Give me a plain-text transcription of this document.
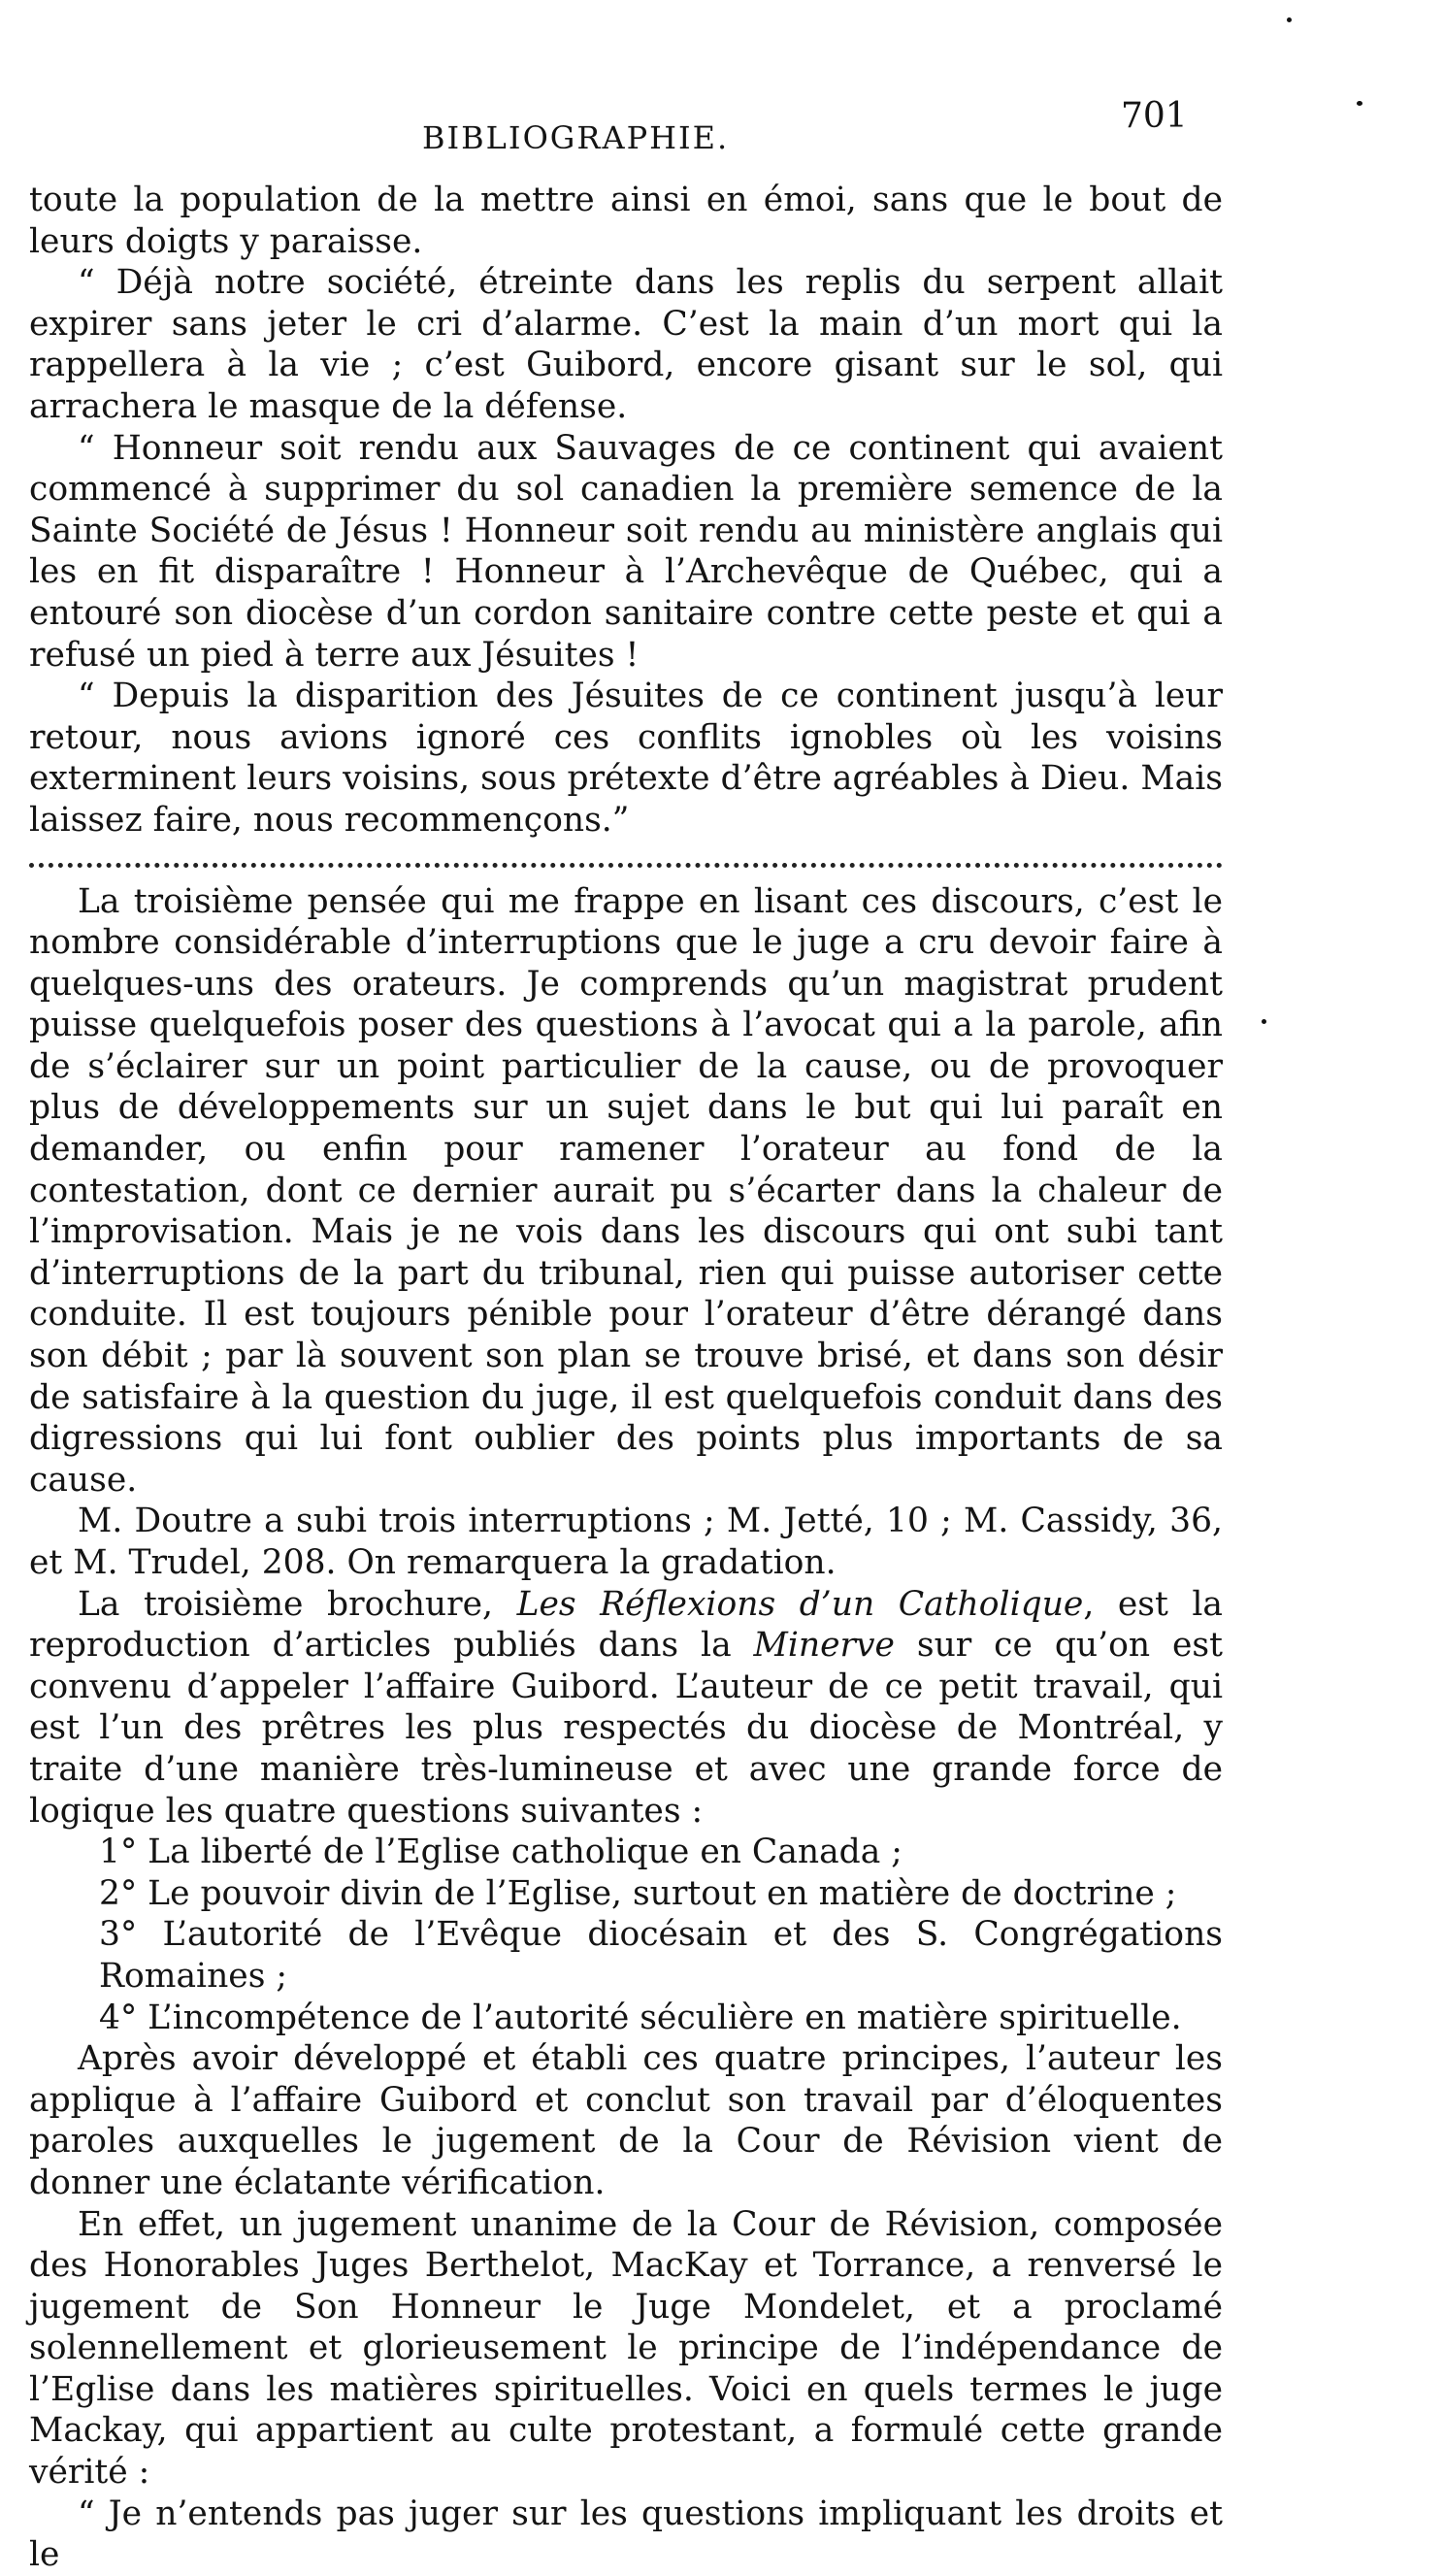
BIBLIOGRAPHIE.
701

toute la population de la mettre ainsi en émoi, sans que le bout de leurs doigts y paraisse.

“ Déjà notre société, étreinte dans les replis du serpent allait expirer sans jeter le cri d’alarme. C’est la main d’un mort qui la rappellera à la vie ; c’est Guibord, encore gisant sur le sol, qui arrachera le masque de la défense.

“ Honneur soit rendu aux Sauvages de ce continent qui avaient commencé à supprimer du sol canadien la première semence de la Sainte Société de Jésus ! Honneur soit rendu au ministère anglais qui les en fit disparaître ! Honneur à l’Archevêque de Québec, qui a entouré son diocèse d’un cordon sanitaire contre cette peste et qui a refusé un pied à terre aux Jésuites !

“ Depuis la disparition des Jésuites de ce continent jusqu’à leur retour, nous avions ignoré ces conflits ignobles où les voisins exterminent leurs voisins, sous prétexte d’être agréables à Dieu. Mais laissez faire, nous recommençons.”

La troisième pensée qui me frappe en lisant ces discours, c’est le nombre considérable d’interruptions que le juge a cru devoir faire à quelques-uns des orateurs. Je comprends qu’un magistrat prudent puisse quelquefois poser des questions à l’avocat qui a la parole, afin de s’éclairer sur un point particulier de la cause, ou de provoquer plus de développements sur un sujet dans le but qui lui paraît en demander, ou enfin pour ramener l’orateur au fond de la contestation, dont ce dernier aurait pu s’écarter dans la chaleur de l’improvisation. Mais je ne vois dans les discours qui ont subi tant d’interruptions de la part du tribunal, rien qui puisse autoriser cette conduite. Il est toujours pénible pour l’orateur d’être dérangé dans son débit ; par là souvent son plan se trouve brisé, et dans son désir de satisfaire à la question du juge, il est quelquefois conduit dans des digressions qui lui font oublier des points plus importants de sa cause.

M. Doutre a subi trois interruptions ; M. Jetté, 10 ; M. Cassidy, 36, et M. Trudel, 208. On remarquera la gradation.

La troisième brochure, Les Réflexions d’un Catholique, est la reproduction d’articles publiés dans la Minerve sur ce qu’on est convenu d’appeler l’affaire Guibord. L’auteur de ce petit travail, qui est l’un des prêtres les plus respectés du diocèse de Montréal, y traite d’une manière très-lumineuse et avec une grande force de logique les quatre questions suivantes :

1° La liberté de l’Eglise catholique en Canada ;

2° Le pouvoir divin de l’Eglise, surtout en matière de doctrine ;

3° L’autorité de l’Evêque diocésain et des S. Congrégations Romaines ;

4° L’incompétence de l’autorité séculière en matière spirituelle.

Après avoir développé et établi ces quatre principes, l’auteur les applique à l’affaire Guibord et conclut son travail par d’éloquentes paroles auxquelles le jugement de la Cour de Révision vient de donner une éclatante vérification.

En effet, un jugement unanime de la Cour de Révision, composée des Honorables Juges Berthelot, MacKay et Torrance, a renversé le jugement de Son Honneur le Juge Mondelet, et a proclamé solennellement et glorieusement le principe de l’indépendance de l’Eglise dans les matières spirituelles. Voici en quels termes le juge Mackay, qui appartient au culte protestant, a formulé cette grande vérité :

“ Je n’entends pas juger sur les questions impliquant les droits et le
